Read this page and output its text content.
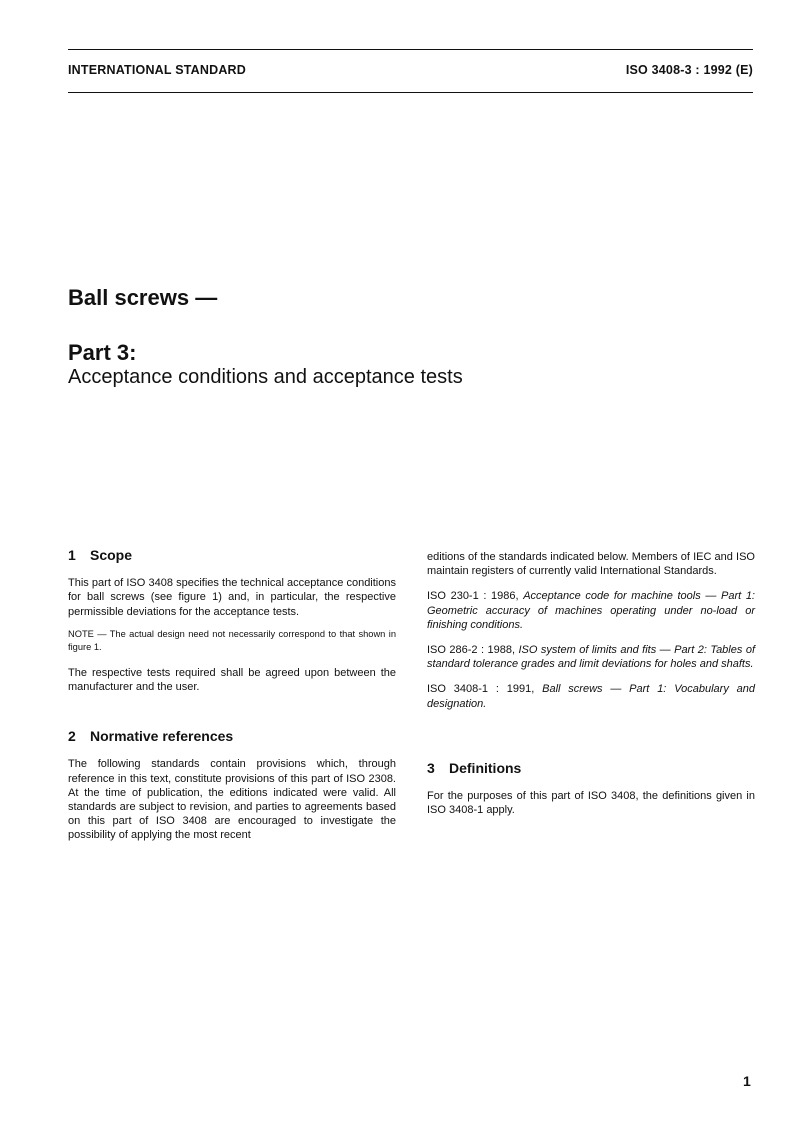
INTERNATIONAL STANDARD	ISO 3408-3 : 1992 (E)
Ball screws —
Part 3:
Acceptance conditions and acceptance tests

1 Scope

This part of ISO 3408 specifies the technical acceptance conditions for ball screws (see figure 1) and, in particular, the respective permissible deviations for the acceptance tests.

NOTE — The actual design need not necessarily correspond to that shown in figure 1.

The respective tests required shall be agreed upon between the manufacturer and the user.

2 Normative references

The following standards contain provisions which, through reference in this text, constitute provisions of this part of ISO 2308. At the time of publication, the editions indicated were valid. All standards are subject to revision, and parties to agreements based on this part of ISO 3408 are encouraged to investigate the possibility of applying the most recent

editions of the standards indicated below. Members of IEC and ISO maintain registers of currently valid International Standards.

ISO 230-1 : 1986, Acceptance code for machine tools — Part 1: Geometric accuracy of machines operating under no-load or finishing conditions.

ISO 286-2 : 1988, ISO system of limits and fits — Part 2: Tables of standard tolerance grades and limit deviations for holes and shafts.

ISO 3408-1 : 1991, Ball screws — Part 1: Vocabulary and designation.

3 Definitions

For the purposes of this part of ISO 3408, the definitions given in ISO 3408-1 apply.

1
